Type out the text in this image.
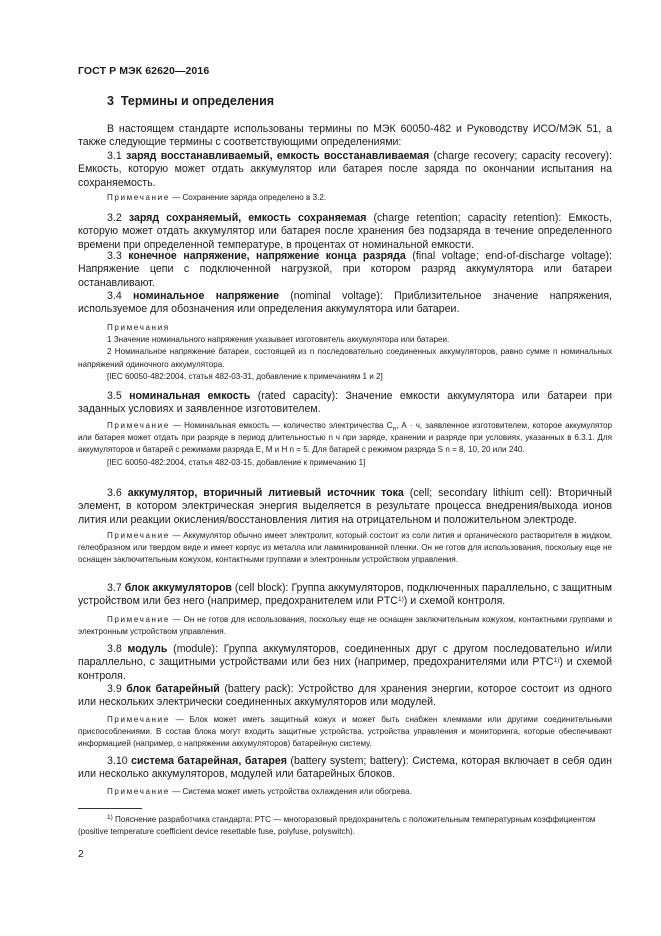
ГОСТ Р МЭК 62620—2016
3 Термины и определения
В настоящем стандарте использованы термины по МЭК 60050-482 и Руководству ИСО/МЭК 51, а также следующие термины с соответствующими определениями:
3.1 заряд восстанавливаемый, емкость восстанавливаемая (charge recovery; capacity recovery): Емкость, которую может отдать аккумулятор или батарея после заряда по окончании испытания на сохраняемость.
Примечание — Сохранение заряда определено в 3.2.
3.2 заряд сохраняемый, емкость сохраняемая (charge retention; capacity retention): Емкость, которую может отдать аккумулятор или батарея после хранения без подзаряда в течение определенного времени при определенной температуре, в процентах от номинальной емкости.
3.3 конечное напряжение, напряжение конца разряда (final voltage; end-of-discharge voltage): Напряжение цепи с подключенной нагрузкой, при котором разряд аккумулятора или батареи останавливают.
3.4 номинальное напряжение (nominal voltage): Приблизительное значение напряжения, используемое для обозначения или определения аккумулятора или батареи.
Примечания
1 Значение номинального напряжения указывает изготовитель аккумулятора или батареи.
2 Номинальное напряжение батареи, состоящей из n последовательно соединенных аккумуляторов, равно сумме n номинальных напряжений одиночного аккумулятора.
[IEC 60050-482:2004, статья 482-03-31, добавление к примечаниям 1 и 2]
3.5 номинальная емкость (rated capacity): Значение емкости аккумулятора или батареи при заданных условиях и заявленное изготовителем.
Примечание — Номинальная емкость — количество электричества $C_n$, А · ч, заявленное изготовителем, которое аккумулятор или батарея может отдать при разряде в период длительностью n ч при заряде, хранении и разряде при условиях, указанных в 6.3.1. Для аккумуляторов и батарей с режимами разряда Е, М и Н n = 5. Для батарей с режимом разряда S n = 8, 10, 20 или 240.
[IEC 60050-482:2004, статья 482-03-15, добавление к примечанию 1]
3.6 аккумулятор, вторичный литиевый источник тока (cell; secondary lithium cell): Вторичный элемент, в котором электрическая энергия выделяется в результате процесса внедрения/выхода ионов лития или реакции окисления/восстановления лития на отрицательном и положительном электроде.
Примечание — Аккумулятор обычно имеет электролит, который состоит из соли лития и органического растворителя в жидком, гелеобразном или твердом виде и имеет корпус из металла или ламинированной пленки. Он не готов для использования, поскольку еще не оснащен заключительным кожухом, контактными группами и электронным устройством управления.
3.7 блок аккумуляторов (cell block): Группа аккумуляторов, подключенных параллельно, с защитным устройством или без него (например, предохранителем или PTC$^{1)}$) и схемой контроля.
Примечание — Он не готов для использования, поскольку еще не оснащен заключительным кожухом, контактными группами и электронным устройством управления.
3.8 модуль (module): Группа аккумуляторов, соединенных друг с другом последовательно и/или параллельно, с защитными устройствами или без них (например, предохранителями или PTC$^{1)}$) и схемой контроля.
3.9 блок батарейный (battery pack): Устройство для хранения энергии, которое состоит из одного или нескольких электрически соединенных аккумуляторов или модулей.
Примечание — Блок может иметь защитный кожух и может быть снабжен клеммами или другими соединительными приспособлениями. В состав блока могут входить защитные устройства, устройства управления и мониторинга, которые обеспечивают информацией (например, о напряжении аккумуляторов) батарейную систему.
3.10 система батарейная, батарея (battery system; battery): Система, которая включает в себя один или несколько аккумуляторов, модулей или батарейных блоков.
Примечание — Система может иметь устройства охлаждения или обогрева.
$^{1)}$ Пояснение разработчика стандарта: PTC — многоразовый предохранитель с положительным температурным коэффициентом (positive temperature coefficient device resettable fuse, polyfuse, polyswitch).
2
